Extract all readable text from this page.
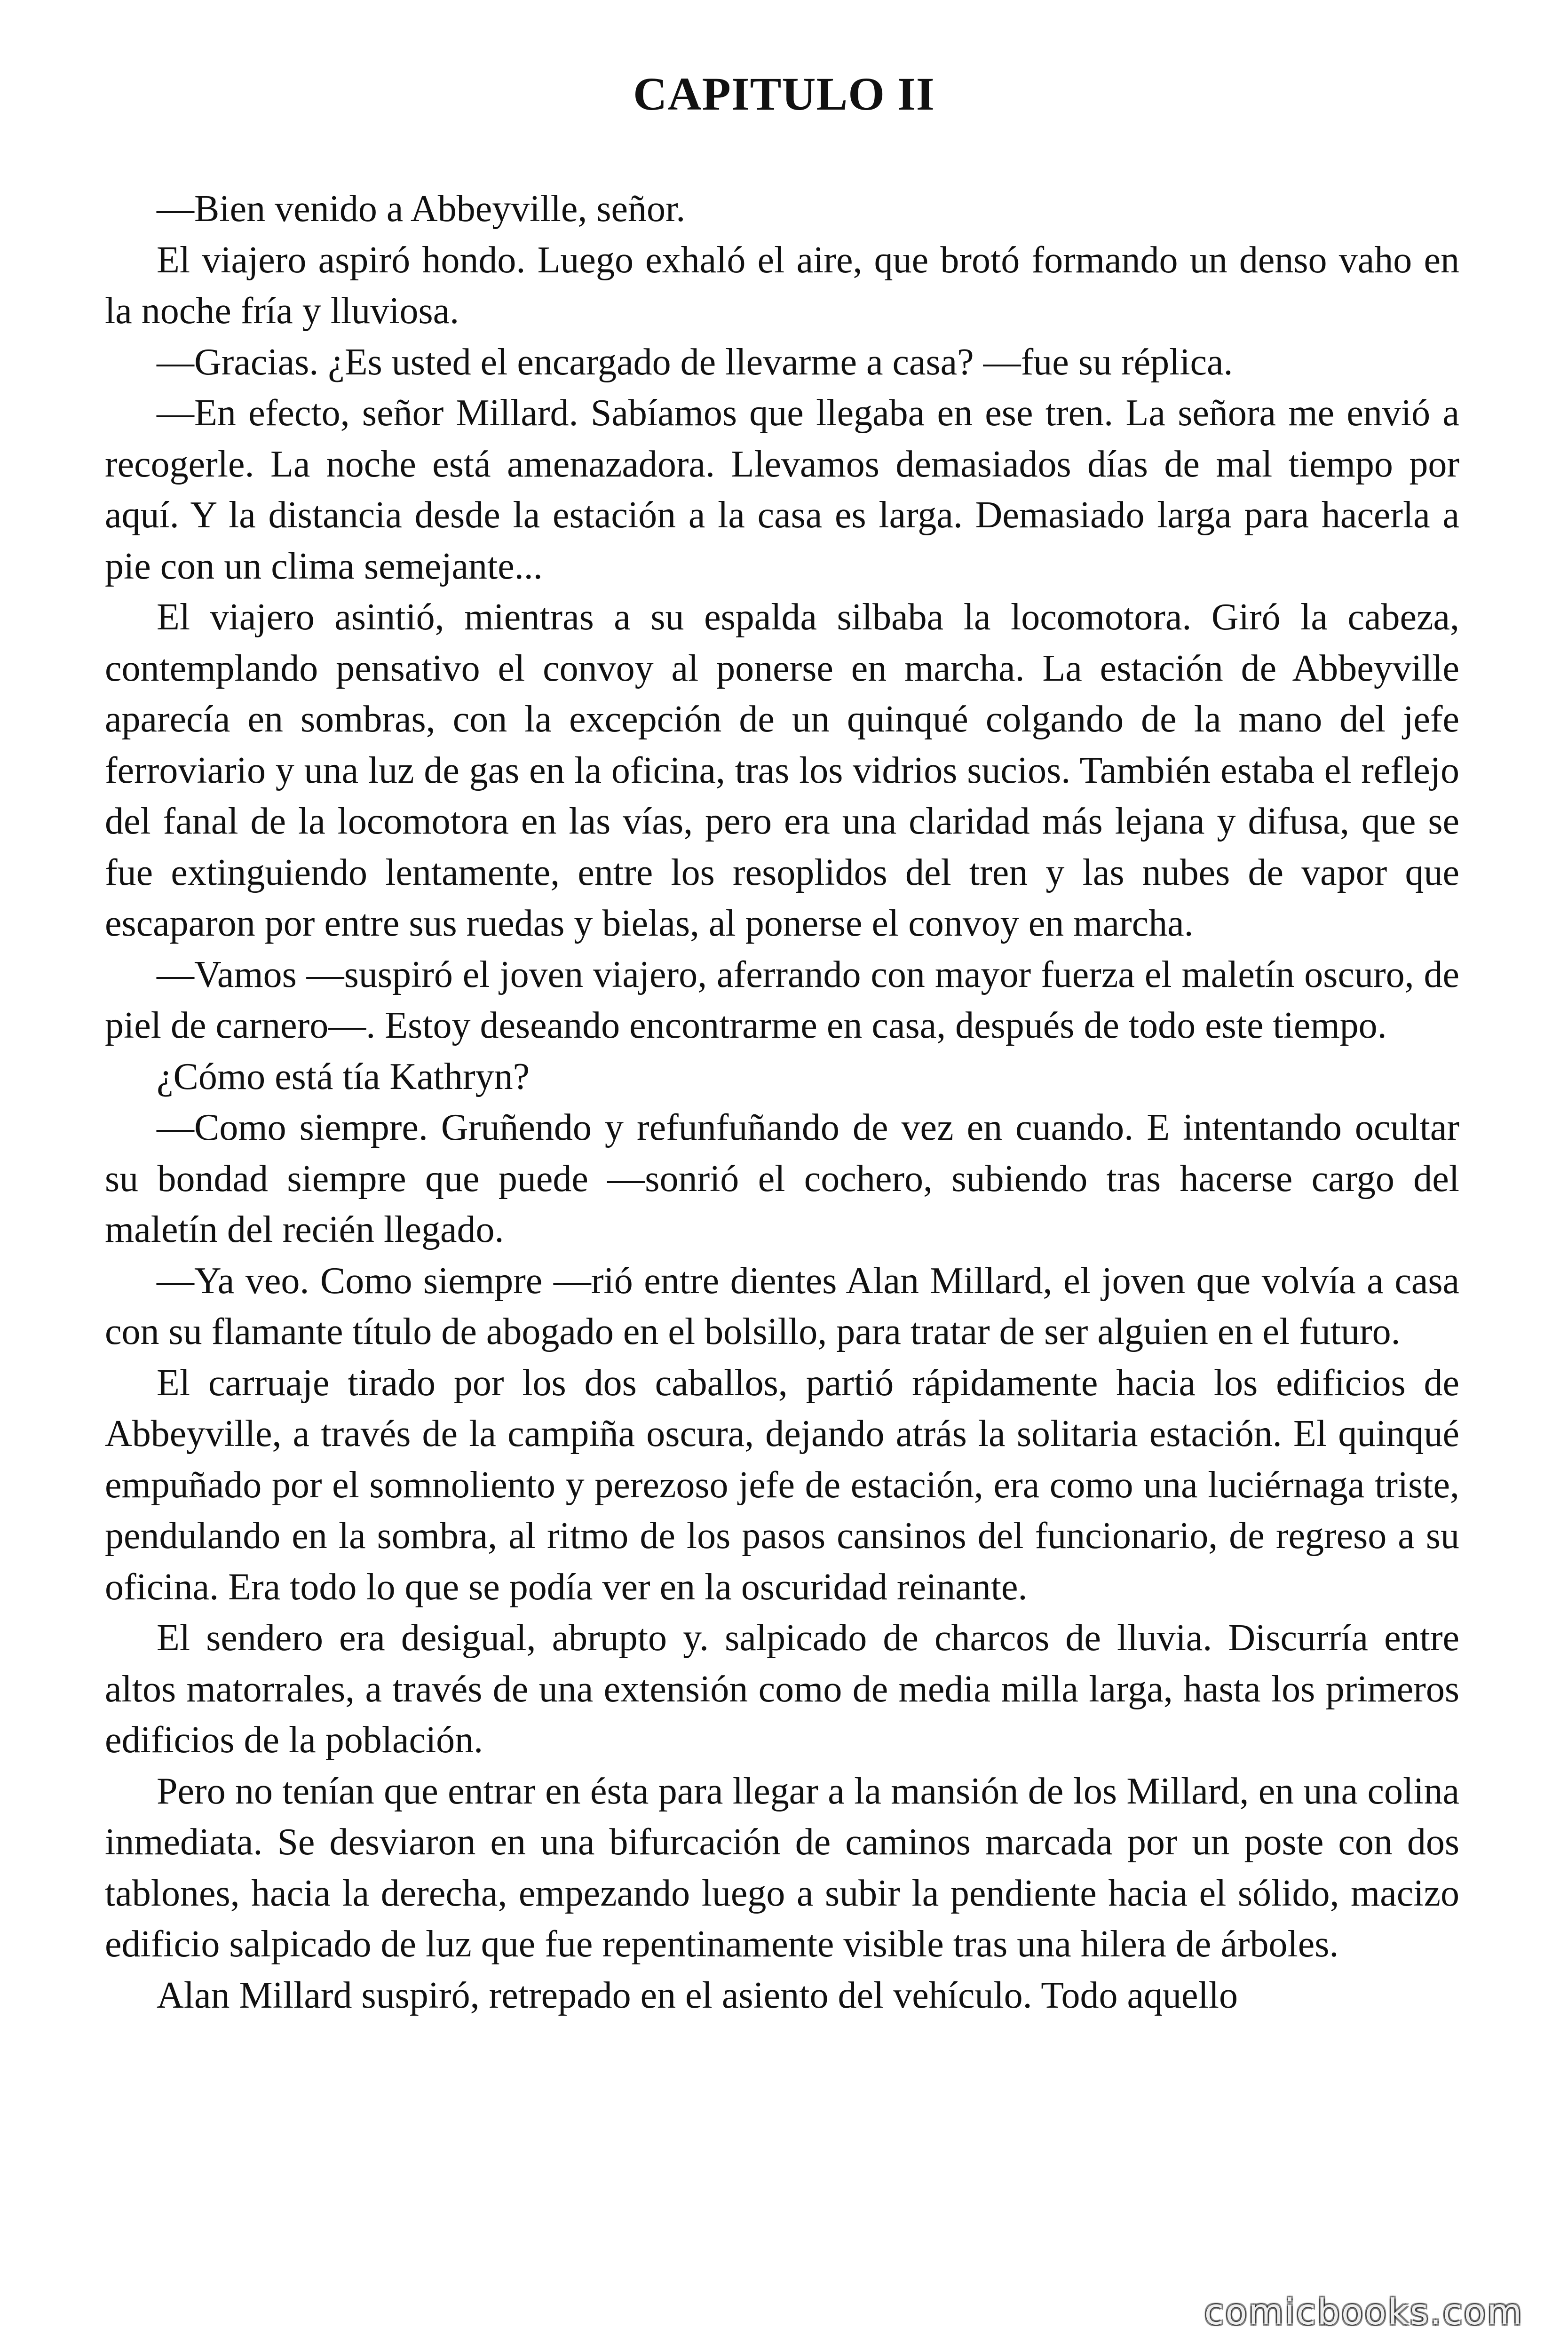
CAPITULO II

—Bien venido a Abbeyville, señor.

El viajero aspiró hondo. Luego exhaló el aire, que brotó formando un denso vaho en la noche fría y lluviosa.

—Gracias. ¿Es usted el encargado de llevarme a casa? —fue su réplica.

—En efecto, señor Millard. Sabíamos que llegaba en ese tren. La señora me envió a recogerle. La noche está amenazadora. Llevamos demasiados días de mal tiempo por aquí. Y la distancia desde la estación a la casa es larga. Demasiado larga para hacerla a pie con un clima semejante...

El viajero asintió, mientras a su espalda silbaba la locomotora. Giró la cabeza, contemplando pensativo el convoy al ponerse en marcha. La estación de Abbeyville aparecía en sombras, con la excepción de un quinqué colgando de la mano del jefe ferroviario y una luz de gas en la oficina, tras los vidrios sucios. También estaba el reflejo del fanal de la locomotora en las vías, pero era una claridad más lejana y difusa, que se fue extinguiendo lentamente, entre los resoplidos del tren y las nubes de vapor que escaparon por entre sus ruedas y bielas, al ponerse el convoy en marcha.

—Vamos —suspiró el joven viajero, aferrando con mayor fuerza el maletín oscuro, de piel de carnero—. Estoy deseando encontrarme en casa, después de todo este tiempo.

¿Cómo está tía Kathryn?

—Como siempre. Gruñendo y refunfuñando de vez en cuando. E intentando ocultar su bondad siempre que puede —sonrió el cochero, subiendo tras hacerse cargo del maletín del recién llegado.

—Ya veo. Como siempre —rió entre dientes Alan Millard, el joven que volvía a casa con su flamante título de abogado en el bolsillo, para tratar de ser alguien en el futuro.

El carruaje tirado por los dos caballos, partió rápidamente hacia los edificios de Abbeyville, a través de la campiña oscura, dejando atrás la solitaria estación. El quinqué empuñado por el somnoliento y perezoso jefe de estación, era como una luciérnaga triste, pendulando en la sombra, al ritmo de los pasos cansinos del funcionario, de regreso a su oficina. Era todo lo que se podía ver en la oscuridad reinante.

El sendero era desigual, abrupto y. salpicado de charcos de lluvia. Discurría entre altos matorrales, a través de una extensión como de media milla larga, hasta los primeros edificios de la población.

Pero no tenían que entrar en ésta para llegar a la mansión de los Millard, en una colina inmediata. Se desviaron en una bifurcación de caminos marcada por un poste con dos tablones, hacia la derecha, empezando luego a subir la pendiente hacia el sólido, macizo edificio salpicado de luz que fue repentinamente visible tras una hilera de árboles.

Alan Millard suspiró, retrepado en el asiento del vehículo. Todo aquello

comicbooks.com
